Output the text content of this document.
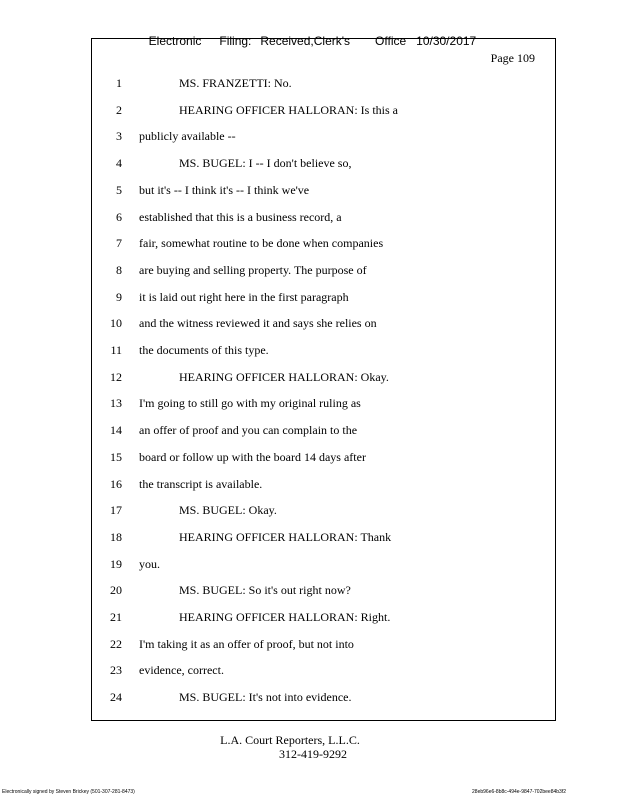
Electronic Filing: Received,Clerk's Office 10/30/2017

Page 109
1	MS. FRANZETTI: No.
2	HEARING OFFICER HALLORAN: Is this a
3 publicly available --
4	MS. BUGEL: I -- I don't believe so,
5 but it's -- I think it's -- I think we've
6 established that this is a business record, a
7 fair, somewhat routine to be done when companies
8 are buying and selling property. The purpose of
9 it is laid out right here in the first paragraph
10 and the witness reviewed it and says she relies on
11 the documents of this type.
12	HEARING OFFICER HALLORAN: Okay.
13 I'm going to still go with my original ruling as
14 an offer of proof and you can complain to the
15 board or follow up with the board 14 days after
16 the transcript is available.
17	MS. BUGEL: Okay.
18	HEARING OFFICER HALLORAN: Thank
19 you.
20	MS. BUGEL: So it's out right now?
21	HEARING OFFICER HALLORAN: Right.
22 I'm taking it as an offer of proof, but not into
23 evidence, correct.
24	MS. BUGEL: It's not into evidence.
L.A. Court Reporters, L.L.C.
312-419-9292
Electronically signed by Steven Brickey (501-307-281-8473)	28eb96e6-8b8c-494e-9847-702bee84b3f2
